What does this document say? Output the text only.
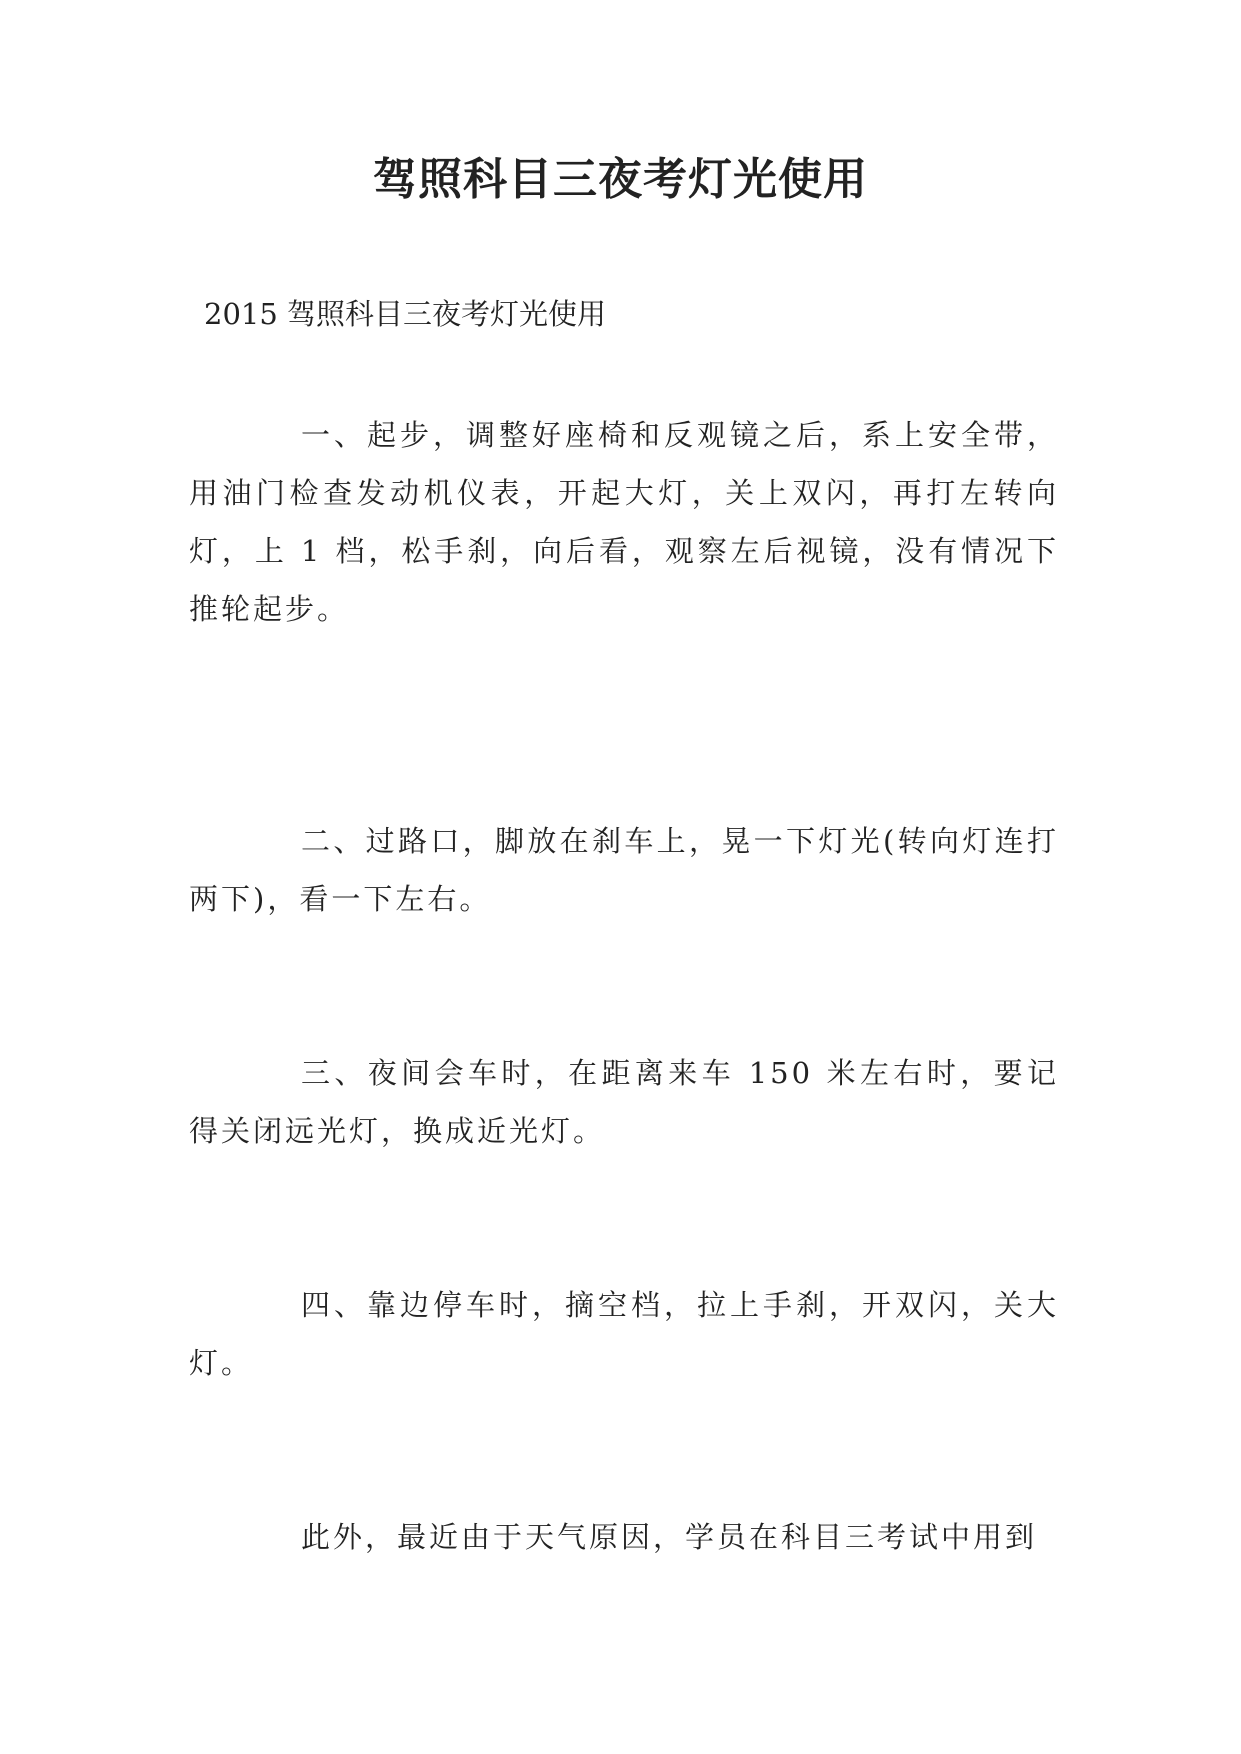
驾照科目三夜考灯光使用

2015 驾照科目三夜考灯光使用

一、起步，调整好座椅和反观镜之后，系上安全带，用油门检查发动机仪表，开起大灯，关上双闪，再打左转向灯，上 1 档，松手刹，向后看，观察左后视镜，没有情况下推轮起步。

二、过路口，脚放在刹车上，晃一下灯光(转向灯连打两下)，看一下左右。

三、夜间会车时，在距离来车 150 米左右时，要记得关闭远光灯，换成近光灯。

四、靠边停车时，摘空档，拉上手刹，开双闪，关大灯。

此外，最近由于天气原因，学员在科目三考试中用到
